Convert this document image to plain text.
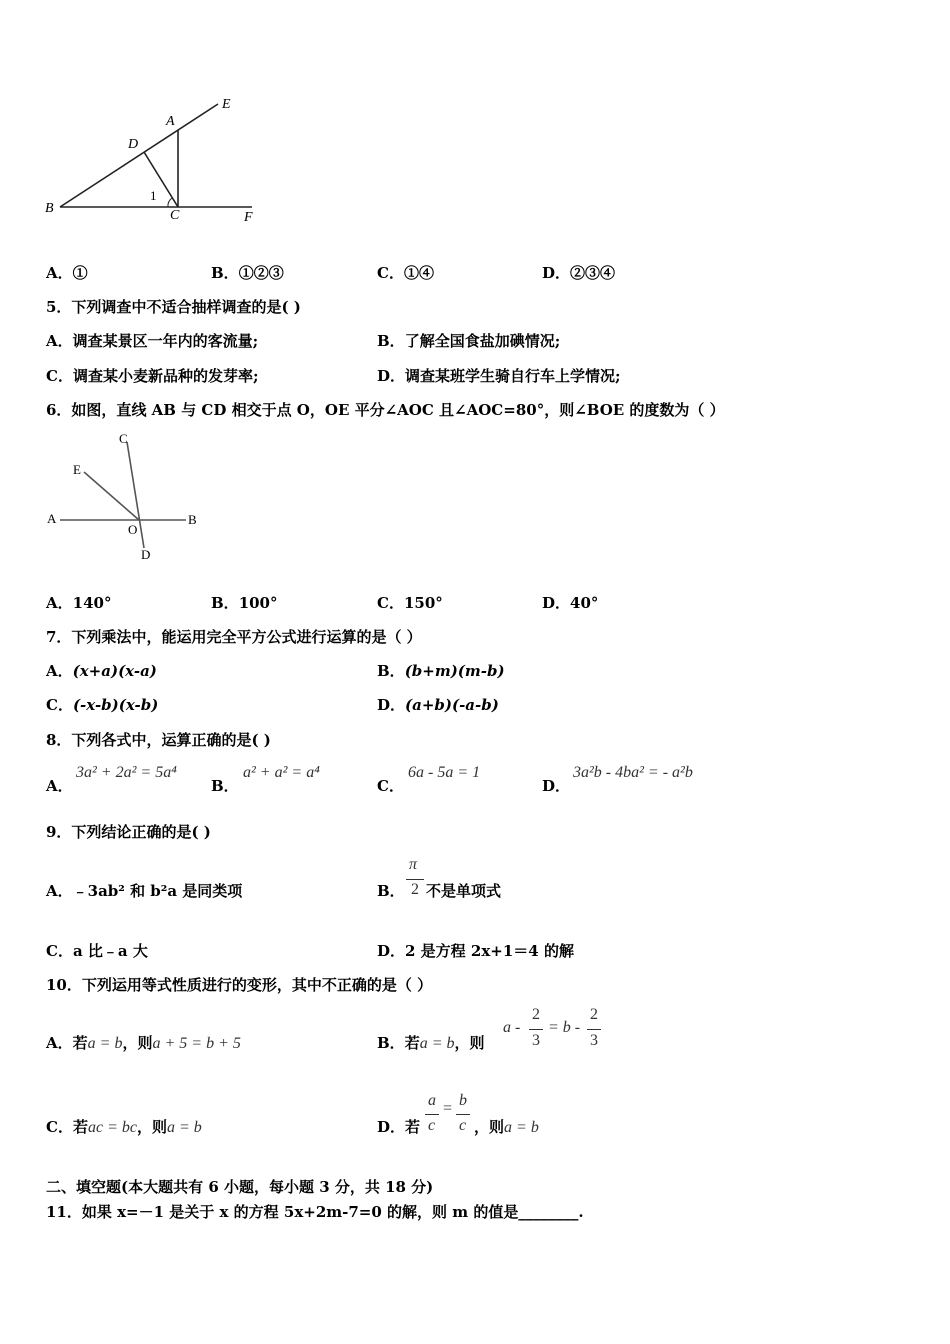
E
A
D
B
1
C	F
A．①	B．①②③	C．①④	D．②③④
5．下列调查中不适合抽样调查的是( )
A．调查某景区一年内的客流量;	B．了解全国食盐加碘情况;
C．调查某小麦新品种的发芽率;	D．调查某班学生骑自行车上学情况;
6．如图，直线 AB 与 CD 相交于点 O，OE 平分∠AOC 且∠AOC=80°，则∠BOE 的度数为（ ）
C
E
A
O
B
D
A．140°	B．100°	C．150°	D．40°
7．下列乘法中，能运用完全平方公式进行运算的是（ ）
A．(x+a)(x-a)	B．(b+m)(m-b)
C．(-x-b)(x-b)	D．(a+b)(-a-b)
8．下列各式中，运算正确的是( )
A．
3a² + 2a² = 5a⁴
B．
a² + a² = a⁴
C．
6a - 5a = 1
D．
3a²b - 4ba² = - a²b
9．下列结论正确的是( )
A．﹣3ab² 和 b²a 是同类项	B．
π
2 不是单项式
C．a 比﹣a 大	D．2 是方程 2x+1＝4 的解
10．下列运用等式性质进行的变形，其中不正确的是（ ）
A．若a = b，则a + 5 = b + 5	B．若a = b，则
a -
2
3
= b -
2
3
C．若ac = bc，则a = b	D．若
a
c
= b
c ，则a = b
二、填空题(本大题共有 6 小题，每小题 3 分，共 18 分)
11．如果 x=－1 是关于 x 的方程 5x+2m-7=0 的解，则 m 的值是________.
